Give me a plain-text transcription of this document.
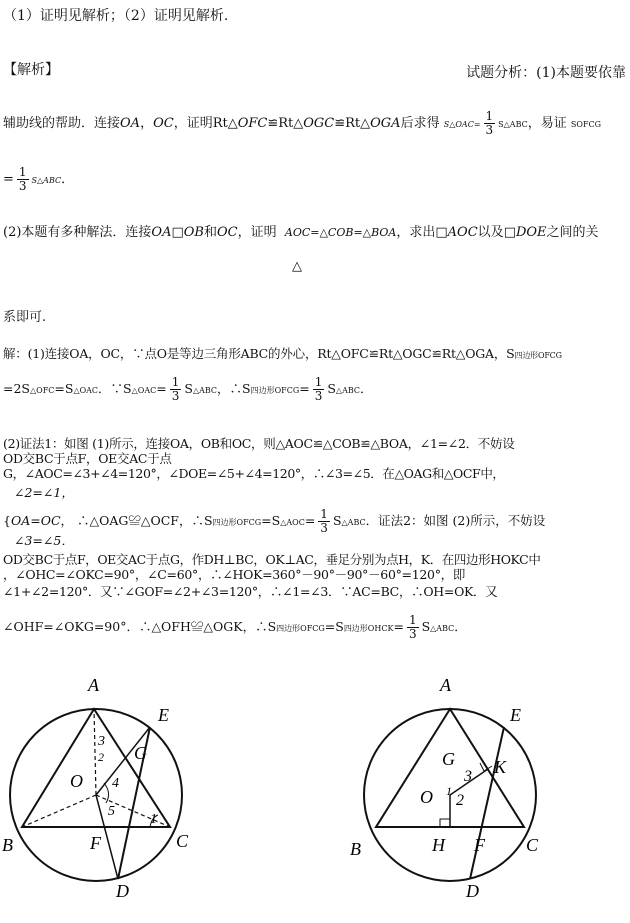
（1）证明见解析；（2）证明见解析.
【解析】	试题分析：(1)本题要依靠
辅助线的帮助．连接OA，OC，证明Rt△OFC≌Rt△OGC≌Rt△OGA后求得 S△OAC= $\frac{1}{3}$ S△ABC，易证 SOFCG
= $\frac{1}{3}$ S△ABC．
(2)本题有多种解法．连接OA□OB和OC，证明 AOC=△COB=△BOA，求出□AOC以及□DOE之间的关
△
系即可.
解：(1)连接OA，OC，∵点O是等边三角形ABC的外心，Rt△OFC≌Rt△OGC≌Rt△OGA，S四边形OFCG
=2S△OFC=S△OAC．∵S△OAC= $\frac{1}{3}$ S△ABC，∴S四边形OFCG= $\frac{1}{3}$ S△ABC．
(2)证法1：如图 (1)所示，连接OA，OB和OC，则△AOC≌△COB≌△BOA，∠1=∠2．不妨设
OD交BC于点F，OE交AC于点
G，∠AOC=∠3+∠4=120°，∠DOE=∠5+∠4=120°，∴∠3=∠5．在△OAG和△OCF中，
∠2=∠1，
{OA=OC， ∴△OAG≌△OCF，∴S四边形OFCG=S△AOC= $\frac{1}{3}$ S△ABC．证法2：如图 (2)所示，不妨设
∠3=∠5．
OD交BC于点F，OE交AC于点G，作DH⊥BC，OK⊥AC，垂足分别为点H，K．在四边形HOKC中
，∠OHC=∠OKC=90°，∠C=60°，∴∠HOK=360°－90°－90°－60°=120°，即
∠1+∠2=120°．又∵∠GOF=∠2+∠3=120°，∴∠1=∠3．∵AC=BC，∴OH=OK．又
∠OHF=∠OKG=90°．∴△OFH≌△OGK，∴S四边形OFCG=S四边形OHCK= $\frac{1}{3}$ S△ABC．
A
E
G
O
B	F	C
D
3
4
5
1
2
A
E
G K
O
B	H F C
D
1
2
3
